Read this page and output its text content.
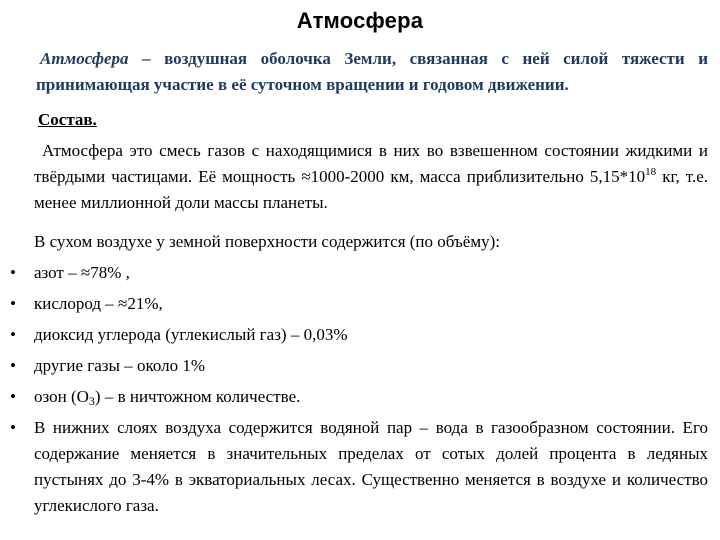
Атмосфера
Атмосфера – воздушная оболочка Земли, связанная с ней силой тяжести и принимающая участие в её суточном вращении и годовом движении.
Состав.
Атмосфера это смесь газов с находящимися в них во взвешенном состоянии жидкими и твёрдыми частицами. Её мощность ≈1000-2000 км, масса приблизительно $5,15*10^{18}$ кг, т.е. менее миллионной доли массы планеты.
В сухом воздухе у земной поверхности содержится (по объёму):
• азот – ≈78% ,
• кислород – ≈21%,
• диоксид углерода (углекислый газ) – 0,03%
• другие газы – около 1%
• озон $(О_3)$ – в ничтожном количестве.
• В нижних слоях воздуха содержится водяной пар – вода в газообразном состоянии. Его содержание меняется в значительных пределах от сотых долей процента в ледяных пустынях до 3-4% в экваториальных лесах. Существенно меняется в воздухе и количество углекислого газа.
